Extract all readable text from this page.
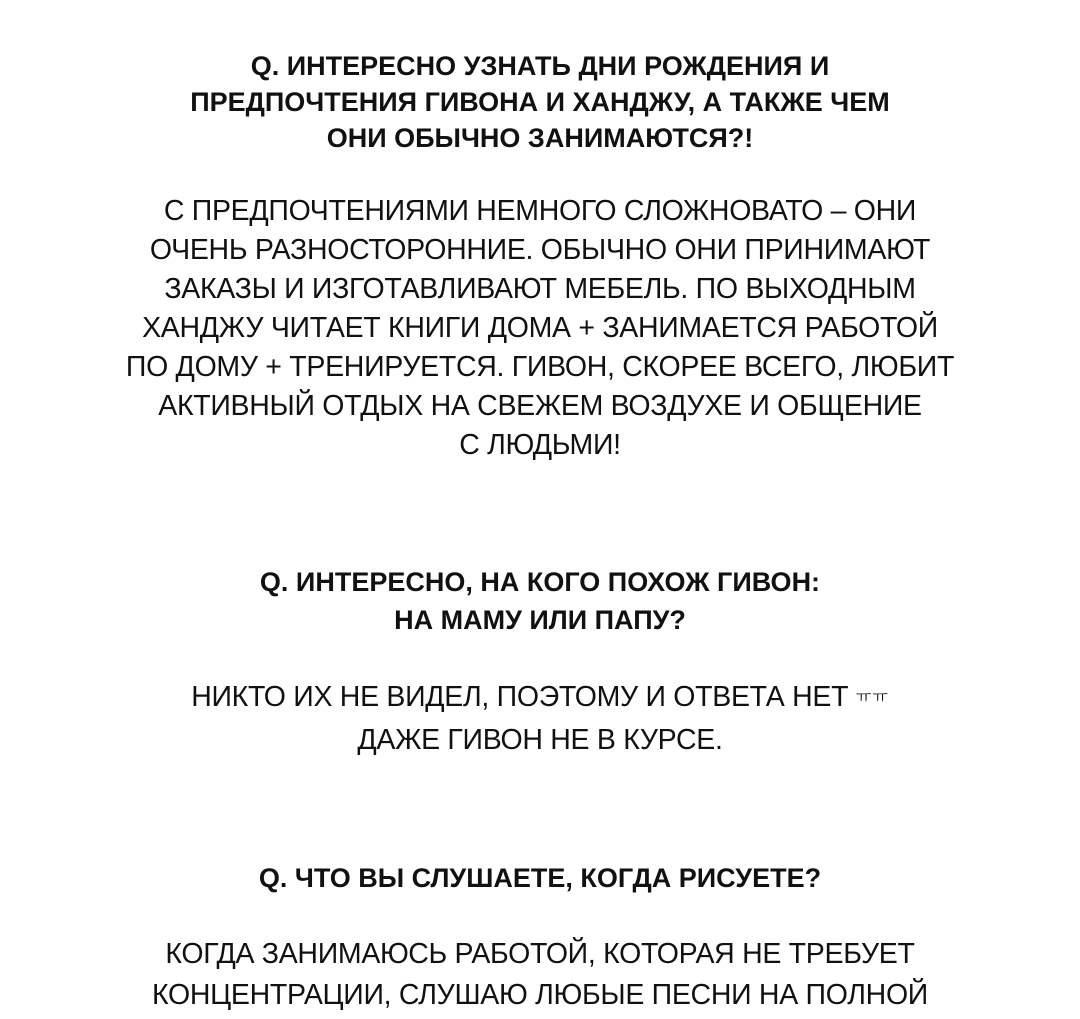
Q. ИНТЕРЕСНО УЗНАТЬ ДНИ РОЖДЕНИЯ И
ПРЕДПОЧТЕНИЯ ГИВОНА И ХАНДЖУ, А ТАКЖЕ ЧЕМ
ОНИ ОБЫЧНО ЗАНИМАЮТСЯ?!
С ПРЕДПОЧТЕНИЯМИ НЕМНОГО СЛОЖНОВАТО – ОНИ
ОЧЕНЬ РАЗНОСТОРОННИЕ. ОБЫЧНО ОНИ ПРИНИМАЮТ
ЗАКАЗЫ И ИЗГОТАВЛИВАЮТ МЕБЕЛЬ. ПО ВЫХОДНЫМ
ХАНДЖУ ЧИТАЕТ КНИГИ ДОМА + ЗАНИМАЕТСЯ РАБОТОЙ
ПО ДОМУ + ТРЕНИРУЕТСЯ. ГИВОН, СКОРЕЕ ВСЕГО, ЛЮБИТ
АКТИВНЫЙ ОТДЫХ НА СВЕЖЕМ ВОЗДУХЕ И ОБЩЕНИЕ
С ЛЮДЬМИ!
Q. ИНТЕРЕСНО, НА КОГО ПОХОЖ ГИВОН:
НА МАМУ ИЛИ ПАПУ?
НИКТО ИХ НЕ ВИДЕЛ, ПОЭТОМУ И ОТВЕТА НЕТ ㅠㅠ
ДАЖЕ ГИВОН НЕ В КУРСЕ.
Q. ЧТО ВЫ СЛУШАЕТЕ, КОГДА РИСУЕТЕ?
КОГДА ЗАНИМАЮСЬ РАБОТОЙ, КОТОРАЯ НЕ ТРЕБУЕТ
КОНЦЕНТРАЦИИ, СЛУШАЮ ЛЮБЫЕ ПЕСНИ НА ПОЛНОЙ
